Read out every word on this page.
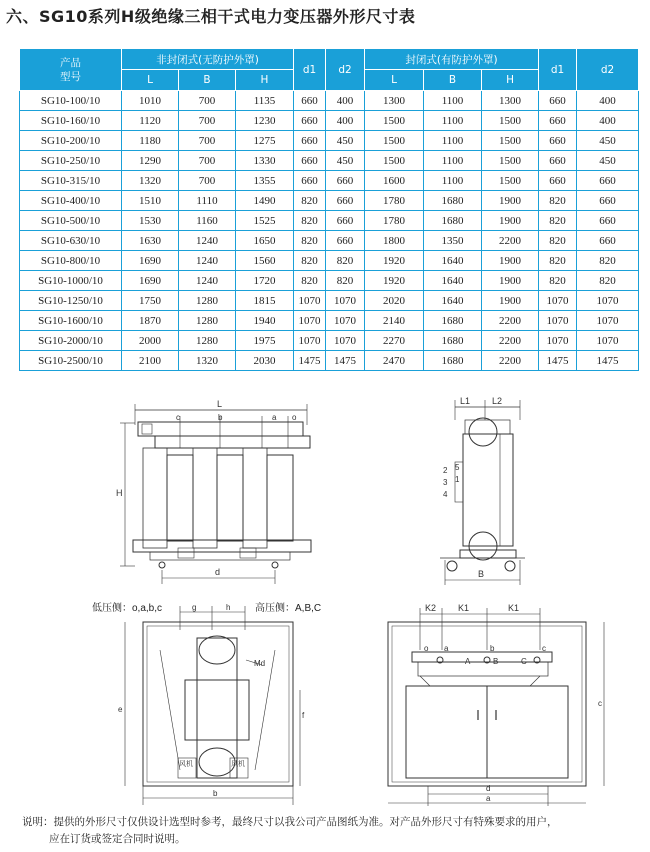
六、SG10系列H级绝缘三相干式电力变压器外形尺寸表
产品
型号	非封闭式(无防护外罩)			d1	d2	封闭式(有防护外罩)			d1	d2
	L	B	H			L	B	H		
SG10-100/10	1010	700	1135	660	400	1300	1100	1300	660	400
SG10-160/10	1120	700	1230	660	400	1500	1100	1500	660	400
SG10-200/10	1180	700	1275	660	450	1500	1100	1500	660	450
SG10-250/10	1290	700	1330	660	450	1500	1100	1500	660	450
SG10-315/10	1320	700	1355	660	660	1600	1100	1500	660	660
SG10-400/10	1510	1110	1490	820	660	1780	1680	1900	820	660
SG10-500/10	1530	1160	1525	820	660	1780	1680	1900	820	660
SG10-630/10	1630	1240	1650	820	660	1800	1350	2200	820	660
SG10-800/10	1690	1240	1560	820	820	1920	1640	1900	820	820
SG10-1000/10	1690	1240	1720	820	820	1920	1640	1900	820	820
SG10-1250/10	1750	1280	1815	1070	1070	2020	1640	1900	1070	1070
SG10-1600/10	1870	1280	1940	1070	1070	2140	1680	2200	1070	1070
SG10-2000/10	2000	1280	1975	1070	1070	2270	1680	2200	1070	1070
SG10-2500/10	2100	1320	2030	1475	1475	2470	1680	2200	1475	1475
L
H
c	b	a o
d
L1 L2
2
3
4
5
1
B
低压侧：o,a,b,c	高压侧：A,B,C
g	h
Md
风机	风机
e
f
b
K2 K1	K1
o a	b	c
A	B	C
c
d
a
说明：提供的外形尺寸仅供设计选型时参考，最终尺寸以我公司产品图纸为准。对产品外形尺寸有特殊要求的用户，
应在订货或签定合同时说明。
